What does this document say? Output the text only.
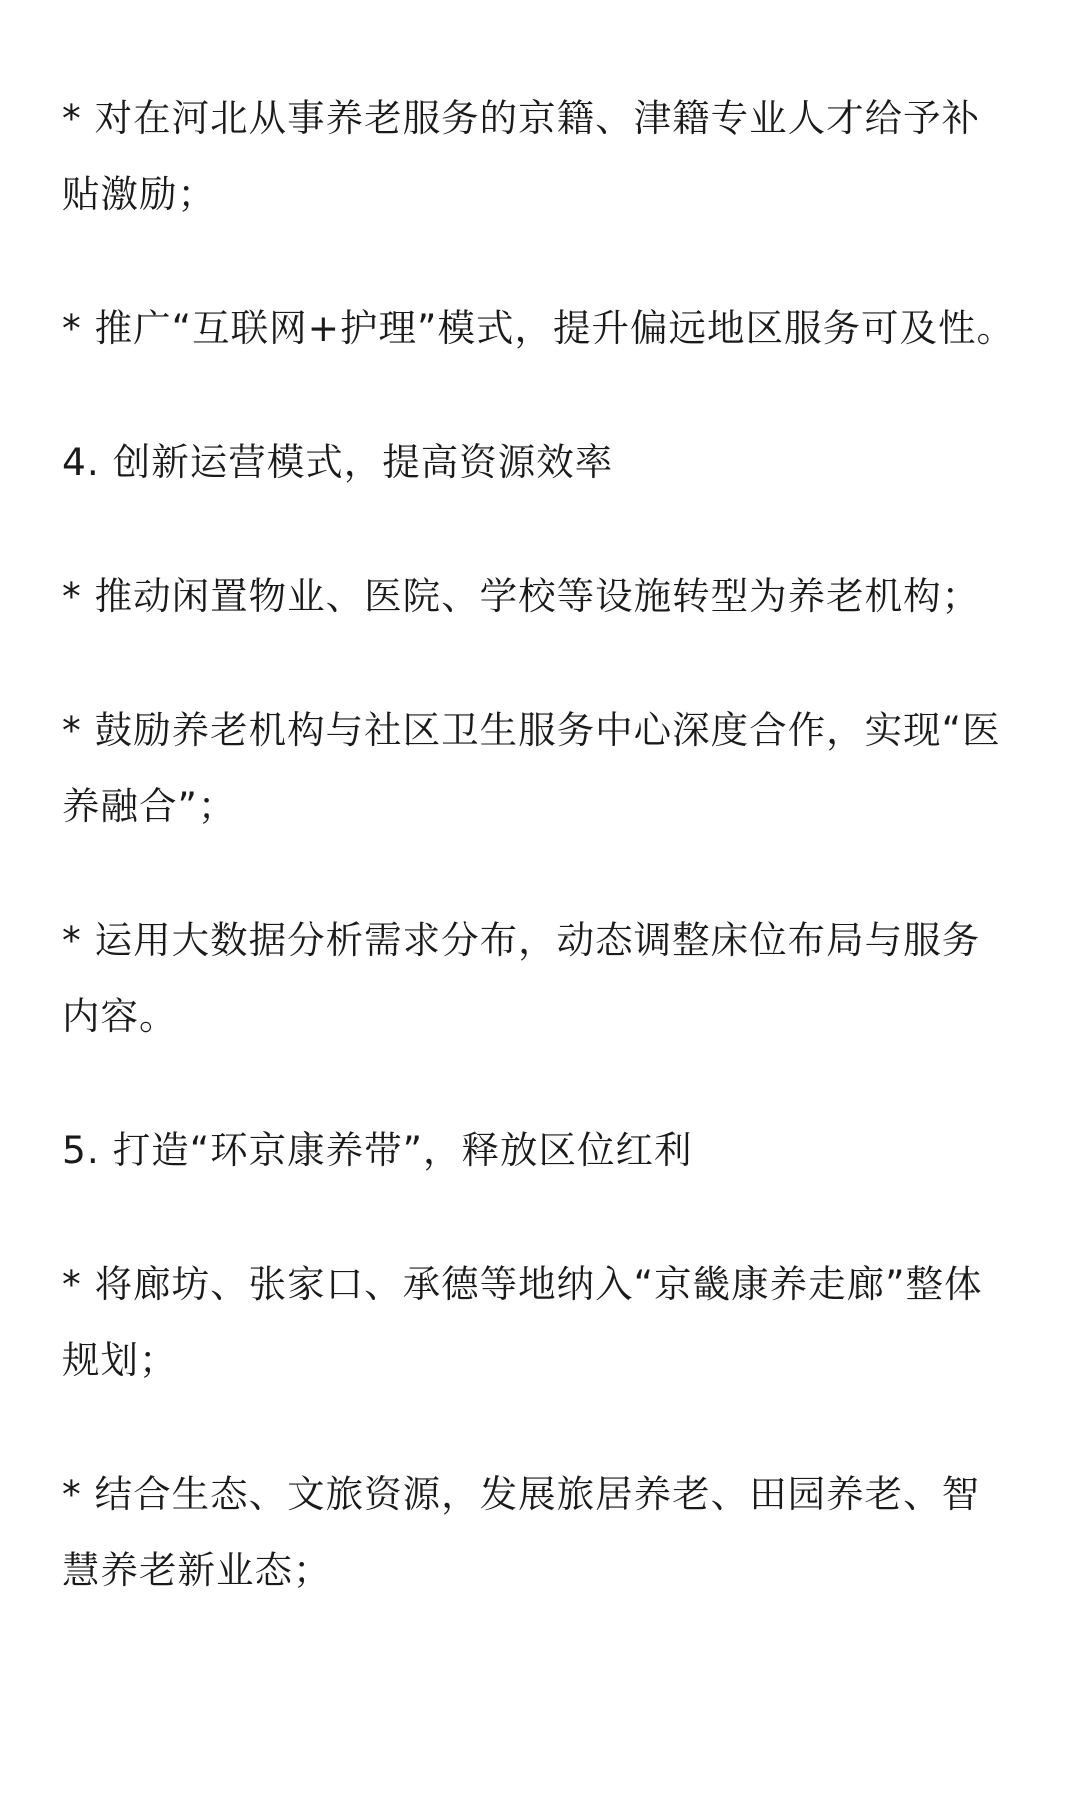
* 对在河北从事养老服务的京籍、津籍专业人才给予补贴激励；

* 推广“互联网+护理”模式，提升偏远地区服务可及性。

4. 创新运营模式，提高资源效率

* 推动闲置物业、医院、学校等设施转型为养老机构；

* 鼓励养老机构与社区卫生服务中心深度合作，实现“医养融合”；

* 运用大数据分析需求分布，动态调整床位布局与服务内容。

5. 打造“环京康养带”，释放区位红利

* 将廊坊、张家口、承德等地纳入“京畿康养走廊”整体规划；

* 结合生态、文旅资源，发展旅居养老、田园养老、智慧养老新业态；
